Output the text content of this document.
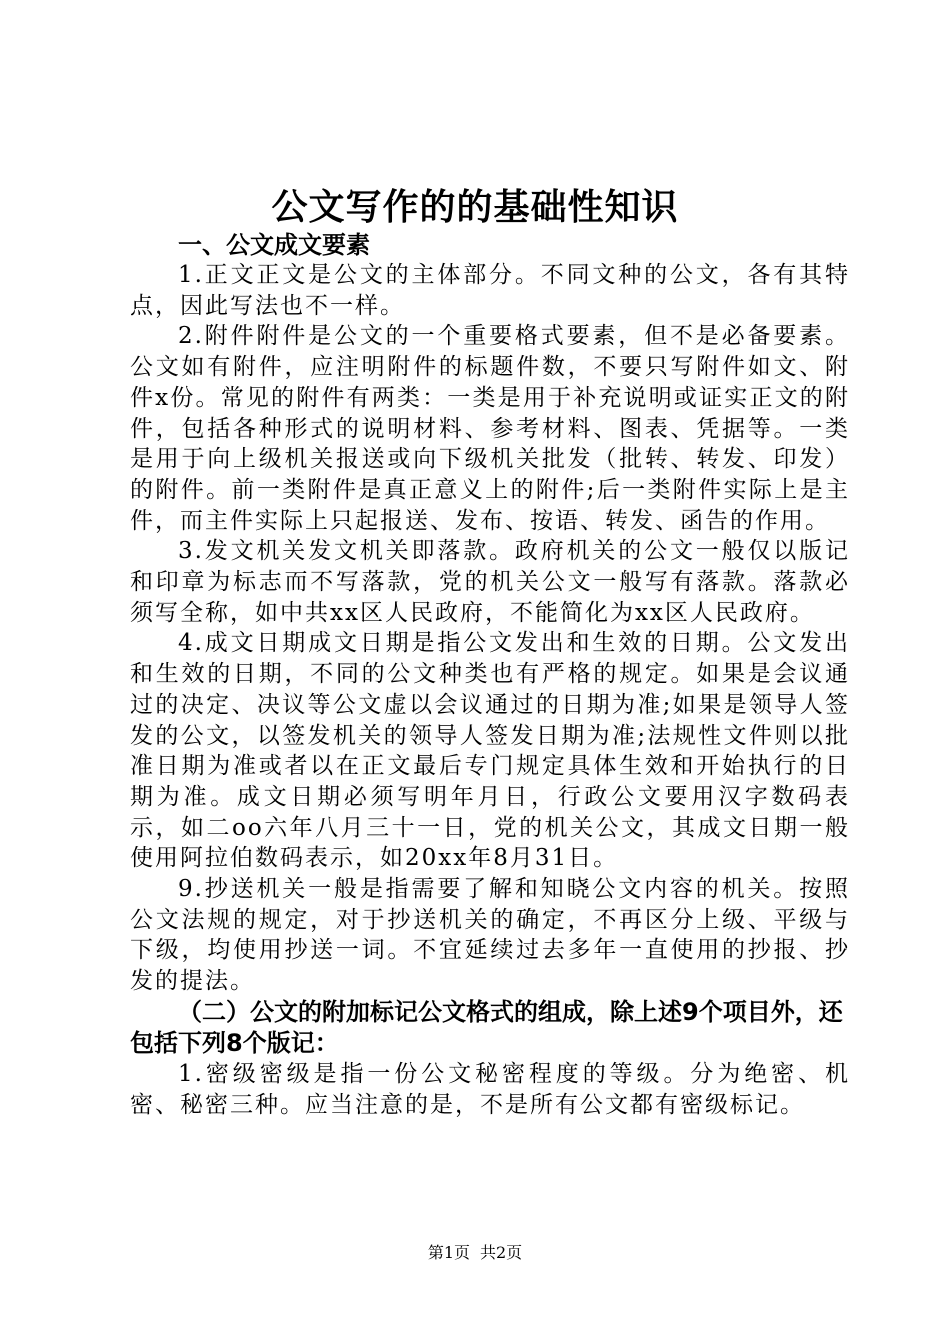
公文写作的的基础性知识

一、公文成文要素

1.正文正文是公文的主体部分。不同文种的公文，各有其特点，因此写法也不一样。

2.附件附件是公文的一个重要格式要素，但不是必备要素。公文如有附件，应注明附件的标题件数，不要只写附件如文、附件x份。常见的附件有两类：一类是用于补充说明或证实正文的附件，包括各种形式的说明材料、参考材料、图表、凭据等。一类是用于向上级机关报送或向下级机关批发（批转、转发、印发）的附件。前一类附件是真正意义上的附件;后一类附件实际上是主件，而主件实际上只起报送、发布、按语、转发、函告的作用。

3.发文机关发文机关即落款。政府机关的公文一般仅以版记和印章为标志而不写落款，党的机关公文一般写有落款。落款必须写全称，如中共xx区人民政府，不能简化为xx区人民政府。

4.成文日期成文日期是指公文发出和生效的日期。公文发出和生效的日期，不同的公文种类也有严格的规定。如果是会议通过的决定、决议等公文虚以会议通过的日期为准;如果是领导人签发的公文，以签发机关的领导人签发日期为准;法规性文件则以批准日期为准或者以在正文最后专门规定具体生效和开始执行的日期为准。成文日期必须写明年月日，行政公文要用汉字数码表示，如二oo六年八月三十一日，党的机关公文，其成文日期一般使用阿拉伯数码表示，如20xx年8月31日。

9.抄送机关一般是指需要了解和知晓公文内容的机关。按照公文法规的规定，对于抄送机关的确定，不再区分上级、平级与下级，均使用抄送一词。不宜延续过去多年一直使用的抄报、抄发的提法。

（二）公文的附加标记公文格式的组成，除上述9个项目外，还包括下列8个版记：

1.密级密级是指一份公文秘密程度的等级。分为绝密、机密、秘密三种。应当注意的是，不是所有公文都有密级标记。

第1页 共2页
